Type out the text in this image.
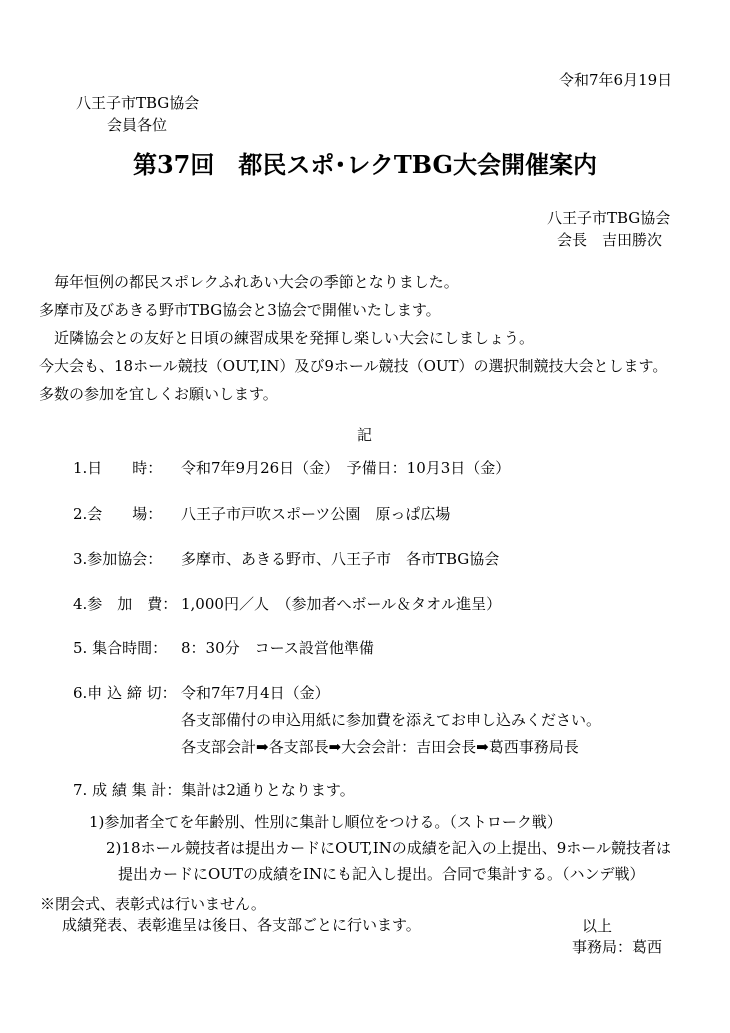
令和7年6月19日
八王子市TBG協会
会員各位
第37回　都民スポ･レクTBG大会開催案内
八王子市TBG協会
会長　吉田勝次
　毎年恒例の都民スポレクふれあい大会の季節となりました。
多摩市及びあきる野市TBG協会と3協会で開催いたします。
　近隣協会との友好と日頃の練習成果を発揮し楽しい大会にしましょう。
今大会も、18ホール競技（OUT,IN）及び9ホール競技（OUT）の選択制競技大会とします。
多数の参加を宜しくお願いします。
記
1.日　　時： 令和7年9月26日（金）　予備日：10月3日（金）
2.会　　場： 八王子市戸吹スポーツ公園　原っぱ広場
3.参加協会： 多摩市、あきる野市、八王子市　各市TBG協会
4.参　加　費： 1,000円／人　（参加者へボール＆タオル進呈）
5. 集合時間： 8：30分　コース設営他準備
6.申 込 締 切： 令和7年7月4日（金）
各支部備付の申込用紙に参加費を添えてお申し込みください。
各支部会計➡各支部長➡大会会計：吉田会長➡葛西事務局長
7. 成 績 集 計：集計は2通りとなります。
1)参加者全てを年齢別、性別に集計し順位をつける。（ストローク戦）
2)18ホール競技者は提出カードにOUT,INの成績を記入の上提出、9ホール競技者は
提出カードにOUTの成績をINにも記入し提出。合同で集計する。（ハンデ戦）
※閉会式、表彰式は行いません。
成績発表、表彰進呈は後日、各支部ごとに行います。	以上
事務局：葛西
